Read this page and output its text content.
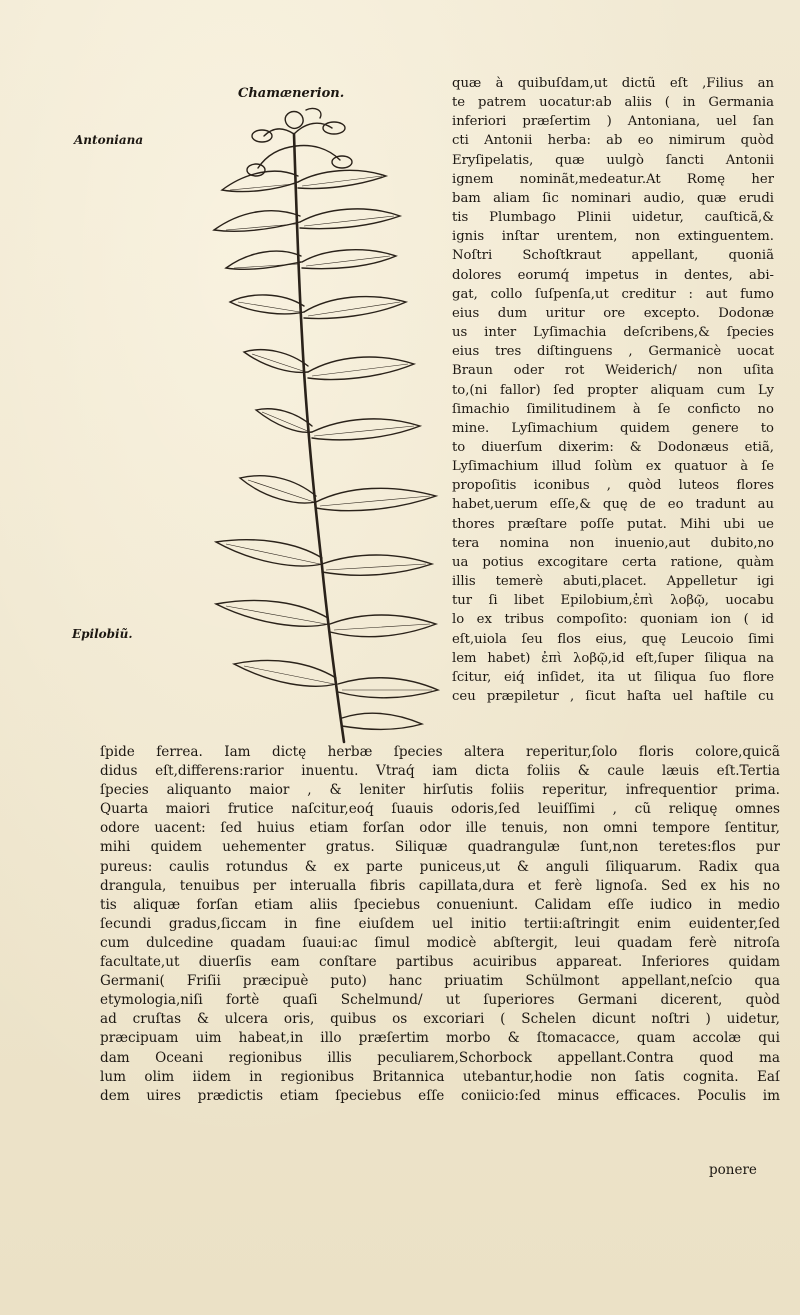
Chamænerion.
Antoniana
Epilobiũ.
quæ à quibuſdam,ut dictũ eſt ,Filius an
te patrem uocatur:ab aliis ( in Germania
inferiori præſertim ) Antoniana, uel ſan
cti Antonii herba: ab eo nimirum quòd
Eryſipelatis, quæ uulgò ſancti Antonii
ignem nominãt,medeatur.At Romę her
bam aliam ſic nominari audio, quæ erudi
tis Plumbago Plinii uidetur, cauſticã,&
ignis inſtar urentem, non extinguentem.
Noſtri Schoſtkraut appellant, quoniã
dolores eorumq́ impetus in dentes, abi-
gat, collo ſuſpenſa,ut creditur : aut fumo
eius dum uritur ore excepto. Dodonæ
us inter Lyſimachia deſcribens,& ſpecies
eius tres diſtinguens , Germanicè uocat
Braun oder rot Weiderich/ non uſita
to,(ni fallor) ſed propter aliquam cum Ly
ſimachio ſimilitudinem à ſe conficto no
mine. Lyſimachium quidem genere to
to diuerſum dixerim: & Dodonæus etiã,
Lyſimachium illud ſolùm ex quatuor à ſe
propoſitis iconibus , quòd luteos flores
habet,uerum eſſe,& quę de eo tradunt au
thores præſtare poſſe putat. Mihi ubi ue
tera nomina non inuenio,aut dubito,no
ua potius excogitare certa ratione, quàm
illis temerè abuti,placet. Appelletur igi
tur ſi libet Epilobium,ἐπὶ λοβῷ, uocabu
lo ex tribus compoſito: quoniam ion ( id
eſt,uiola ſeu flos eius, quę Leucoio ſimi
lem habet) ἐπὶ λοβῷ,id eſt,ſuper ſiliqua na
ſcitur, eiq́ inſidet, ita ut ſiliqua ſuo flore
ceu præpiletur , ſicut haſta uel haſtile cu
ſpide ferrea. Iam dictę herbæ ſpecies altera reperitur,ſolo floris colore,quicã
didus eſt,differens:rarior inuentu. Vtraq́ iam dicta foliis & caule læuis eſt.Tertia
ſpecies aliquanto maior , & leniter hirſutis foliis reperitur, infrequentior prima.
Quarta maiori frutice naſcitur,eoq́ ſuauis odoris,ſed leuiſſimi , cũ reliquę omnes
odore uacent: ſed huius etiam forſan odor ille tenuis, non omni tempore ſentitur,
mihi quidem uehementer gratus. Siliquæ quadrangulæ ſunt,non teretes:flos pur
pureus: caulis rotundus & ex parte puniceus,ut & anguli ſiliquarum. Radix qua
drangula, tenuibus per interualla fibris capillata,dura et ferè lignoſa. Sed ex his no
tis aliquæ forſan etiam aliis ſpeciebus conueniunt. Calidam eſſe iudico in medio
ſecundi gradus,ſiccam in fine eiuſdem uel initio tertii:aſtringit enim euidenter,ſed
cum dulcedine quadam ſuaui:ac ſimul modicè abſtergit, leui quadam ferè nitroſa
facultate,ut diuerſis eam conſtare partibus acuiribus appareat. Inferiores quidam
Germani( Friſii præcipuè puto) hanc priuatim Schülmont appellant,neſcio qua
etymologia,niſi fortè quaſi Schelmund/ ut ſuperiores Germani dicerent, quòd
ad cruſtas & ulcera oris, quibus os excoriari ( Schelen dicunt noſtri ) uidetur,
præcipuam uim habeat,in illo præſertim morbo & ſtomacacce, quam accolæ qui
dam Oceani regionibus illis peculiarem,Schorbock appellant.Contra quod ma
lum olim iidem in regionibus Britannica utebantur,hodie non ſatis cognita. Eaſ
dem uires prædictis etiam ſpeciebus eſſe coniicio:ſed minus efficaces. Poculis im
ponere
